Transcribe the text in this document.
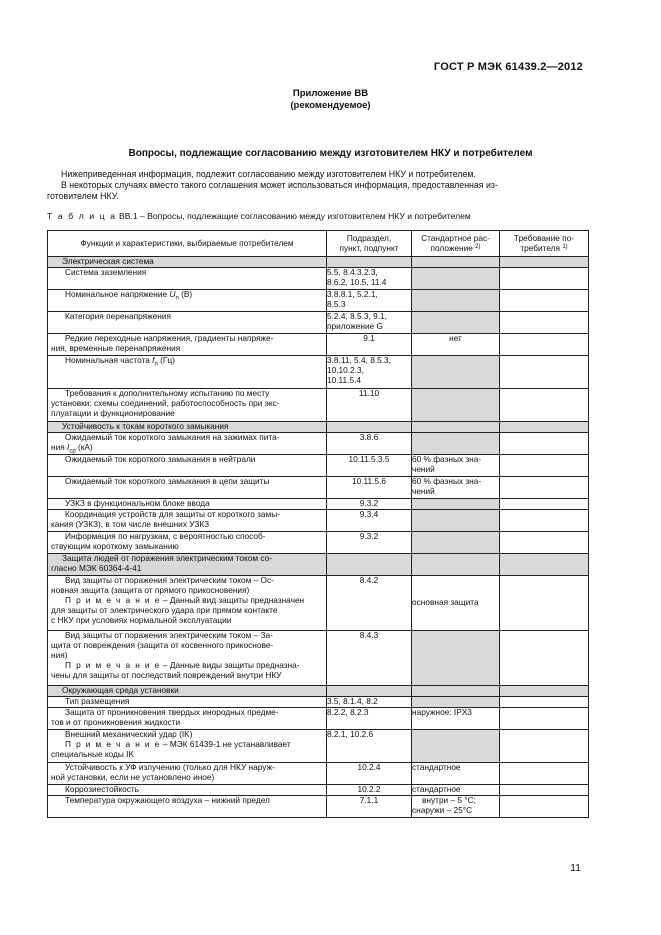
ГОСТ Р МЭК 61439.2—2012
Приложение ВВ
(рекомендуемое)
Вопросы, подлежащие согласованию между изготовителем НКУ и потребителем
Нижеприведенная информация, подлежит согласованию между изготовителем НКУ и потребителем.
В некоторых случаях вместо такого соглашения может использоваться информация, предоставленная из-
готовителем НКУ.
Т а б л и ц а ВВ.1 – Вопросы, подлежащие согласованию между изготовителем НКУ и потребителем
Функции и характеристики, выбираемые потребителем	Подраздел,
пункт, подпункт	Стандартное рас-
положение $^{2)}$	Требование по-
требителя $^{1)}$

Электрическая система			

Система заземления	5.5, 8.4.3.2.3,
8.6.2, 10.5, 11.4		

Номинальное напряжение $U_n$ (В)	3.8.8.1, 5.2.1,
8.5.3		

Категория перенапряжения	5.2.4, 8.5.3, 9.1,
приложение G		

Редкие переходные напряжения, градиенты напряже-
ния, временные перенапряжения	9.1	нет	

Номинальная частота $f_n$ (Гц)	3.8.11, 5.4, 8.5.3,
10.10.2.3,
10.11.5.4		

Требования к дополнительному испытанию по месту
установки: схемы соединений, работоспособность при экс-
плуатации и функционирование	11.10		
Устойчивость к токам короткого замыкания			

Ожидаемый ток короткого замыкания на зажимах пита-
ния $I_{cp}$ (кА)	3.8.6		

Ожидаемый ток короткого замыкания в нейтрали	10.11.5.3.5	60 % фазных зна-
чений	

Ожидаемый ток короткого замыкания в цепи защиты	10.11.5.6	60 % фазных зна-
чений	

УЗКЗ в функциональном блоке ввода	9.3.2		

Координация устройств для защиты от короткого замы-
кания (УЗКЗ), в том числе внешних УЗКЗ	9.3.4		

Информация по нагрузкам, с вероятностью способ-
ствующим короткому замыканию	9.3.2		

Защита людей от поражения электрическим током со-
гласно МЭК 60364-4-41			

Вид защиты от поражения электрическим током – Ос-
новная защита (защита от прямого прикосновения)
П р и м е ч а н и е – Данный вид защиты предназначен
для защиты от электрического удара при прямом контакте
с НКУ при условиях нормальной эксплуатации	8.4.2	основная защита	

Вид защиты от поражения электрическим током – За-
щита от повреждения (защита от косвенного прикоснове-
ния)
П р и м е ч а н и е – Данные виды защиты предназна-
чены для защиты от последствий повреждений внутри НКУ	8.4.3		
Окружающая среда установки			

Тип размещения	3.5, 8.1.4, 8.2		

Защита от проникновения твердых инородных предме-
тов и от проникновения жидкости	8.2.2, 8.2.3	наружное: IPX3	

Внешний механический удар (IK)
П р и м е ч а н и е – МЭК 61439-1 не устанавливает
специальные коды IK	8.2.1, 10.2.6		

Устойчивость к УФ излучению (только для НКУ наруж-
ной установки, если не установлено иное)	10.2.4	стандартное	

Коррозиестойкость	10.2.2	стандартное	

Температура окружающего воздуха – нижний предел	7.1.1	внутри – 5 °C;
снаружи – 25°C	

11
